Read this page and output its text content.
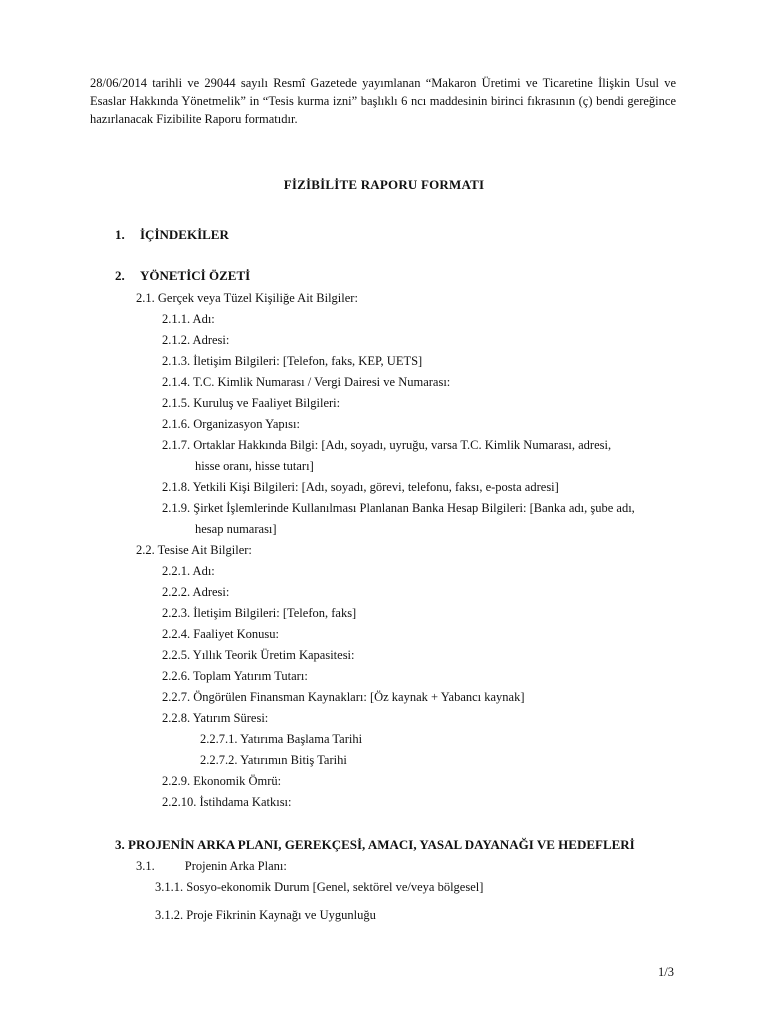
28/06/2014 tarihli ve 29044 sayılı Resmî Gazetede yayımlanan “Makaron Üretimi ve Ticaretine İlişkin Usul ve Esaslar Hakkında Yönetmelik” in “Tesis kurma izni” başlıklı 6 ncı maddesinin birinci fıkrasının (ç) bendi gereğince hazırlanacak Fizibilite Raporu formatıdır.
FİZİBİLİTE RAPORU FORMATI
1. İÇİNDEKİLER
2. YÖNETİCİ ÖZETİ
2.1. Gerçek veya Tüzel Kişiliğe Ait Bilgiler:
2.1.1. Adı:
2.1.2. Adresi:
2.1.3. İletişim Bilgileri: [Telefon, faks, KEP, UETS]
2.1.4. T.C. Kimlik Numarası / Vergi Dairesi ve Numarası:
2.1.5. Kuruluş ve Faaliyet Bilgileri:
2.1.6. Organizasyon Yapısı:
2.1.7. Ortaklar Hakkında Bilgi: [Adı, soyadı, uyruğu, varsa T.C. Kimlik Numarası, adresi,
hisse oranı, hisse tutarı]
2.1.8. Yetkili Kişi Bilgileri: [Adı, soyadı, görevi, telefonu, faksı, e-posta adresi]
2.1.9. Şirket İşlemlerinde Kullanılması Planlanan Banka Hesap Bilgileri: [Banka adı, şube adı,
hesap numarası]
2.2. Tesise Ait Bilgiler:
2.2.1. Adı:
2.2.2. Adresi:
2.2.3. İletişim Bilgileri: [Telefon, faks]
2.2.4. Faaliyet Konusu:
2.2.5. Yıllık Teorik Üretim Kapasitesi:
2.2.6. Toplam Yatırım Tutarı:
2.2.7. Öngörülen Finansman Kaynakları: [Öz kaynak + Yabancı kaynak]
2.2.8. Yatırım Süresi:
2.2.7.1. Yatırıma Başlama Tarihi
2.2.7.2. Yatırımın Bitiş Tarihi
2.2.9. Ekonomik Ömrü:
2.2.10. İstihdama Katkısı:
3. PROJENİN ARKA PLANI, GEREKÇESİ, AMACI, YASAL DAYANAĞI VE HEDEFLERİ
3.1. Projenin Arka Planı:
3.1.1. Sosyo-ekonomik Durum [Genel, sektörel ve/veya bölgesel]
3.1.2. Proje Fikrinin Kaynağı ve Uygunluğu
1/3
